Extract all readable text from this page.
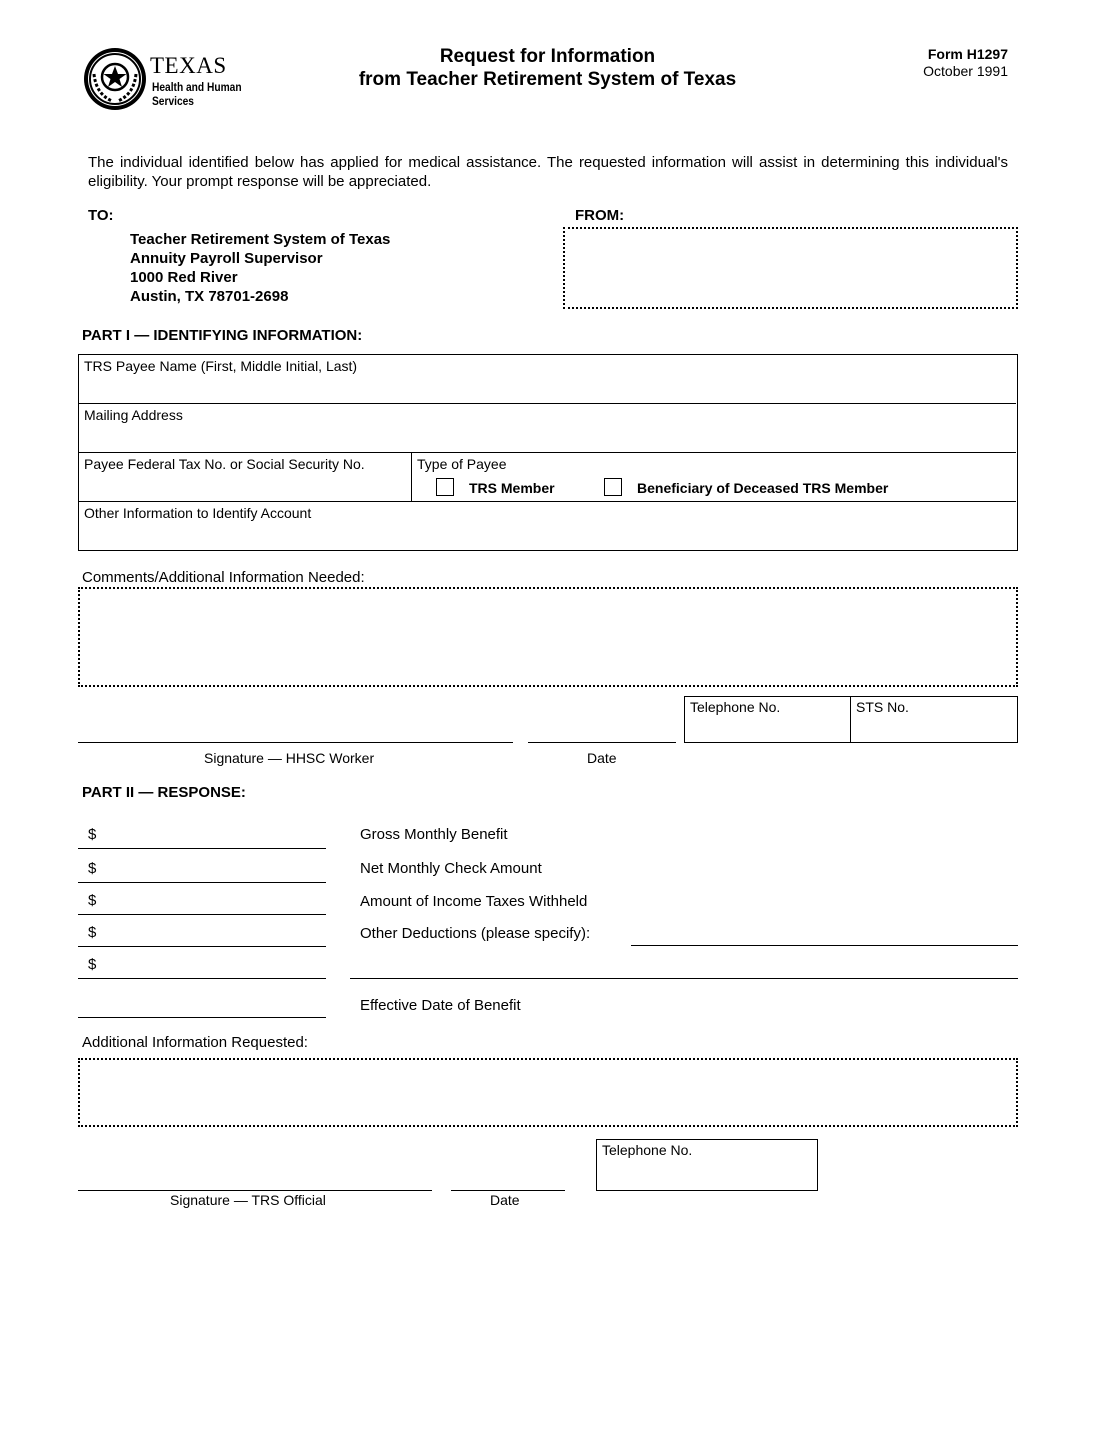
TEXAS
Health and Human
Services
Request for Information
from Teacher Retirement System of Texas
Form H1297
October 1991
The individual identified below has applied for medical assistance. The requested information will assist in determining this individual's eligibility. Your prompt response will be appreciated.
TO:
Teacher Retirement System of Texas
Annuity Payroll Supervisor
1000 Red River
Austin, TX 78701-2698
FROM:
PART I — IDENTIFYING INFORMATION:
TRS Payee Name (First, Middle Initial, Last)
Mailing Address
Payee Federal Tax No. or Social Security No.	Type of Payee
TRS Member	Beneficiary of Deceased TRS Member
Other Information to Identify Account
Comments/Additional Information Needed:
Telephone No.	STS No.
Signature — HHSC Worker	Date
PART II — RESPONSE:
$	Gross Monthly Benefit
$	Net Monthly Check Amount
$	Amount of Income Taxes Withheld
$	Other Deductions (please specify):
$
Effective Date of Benefit
Additional Information Requested:
Telephone No.
Signature — TRS Official	Date
